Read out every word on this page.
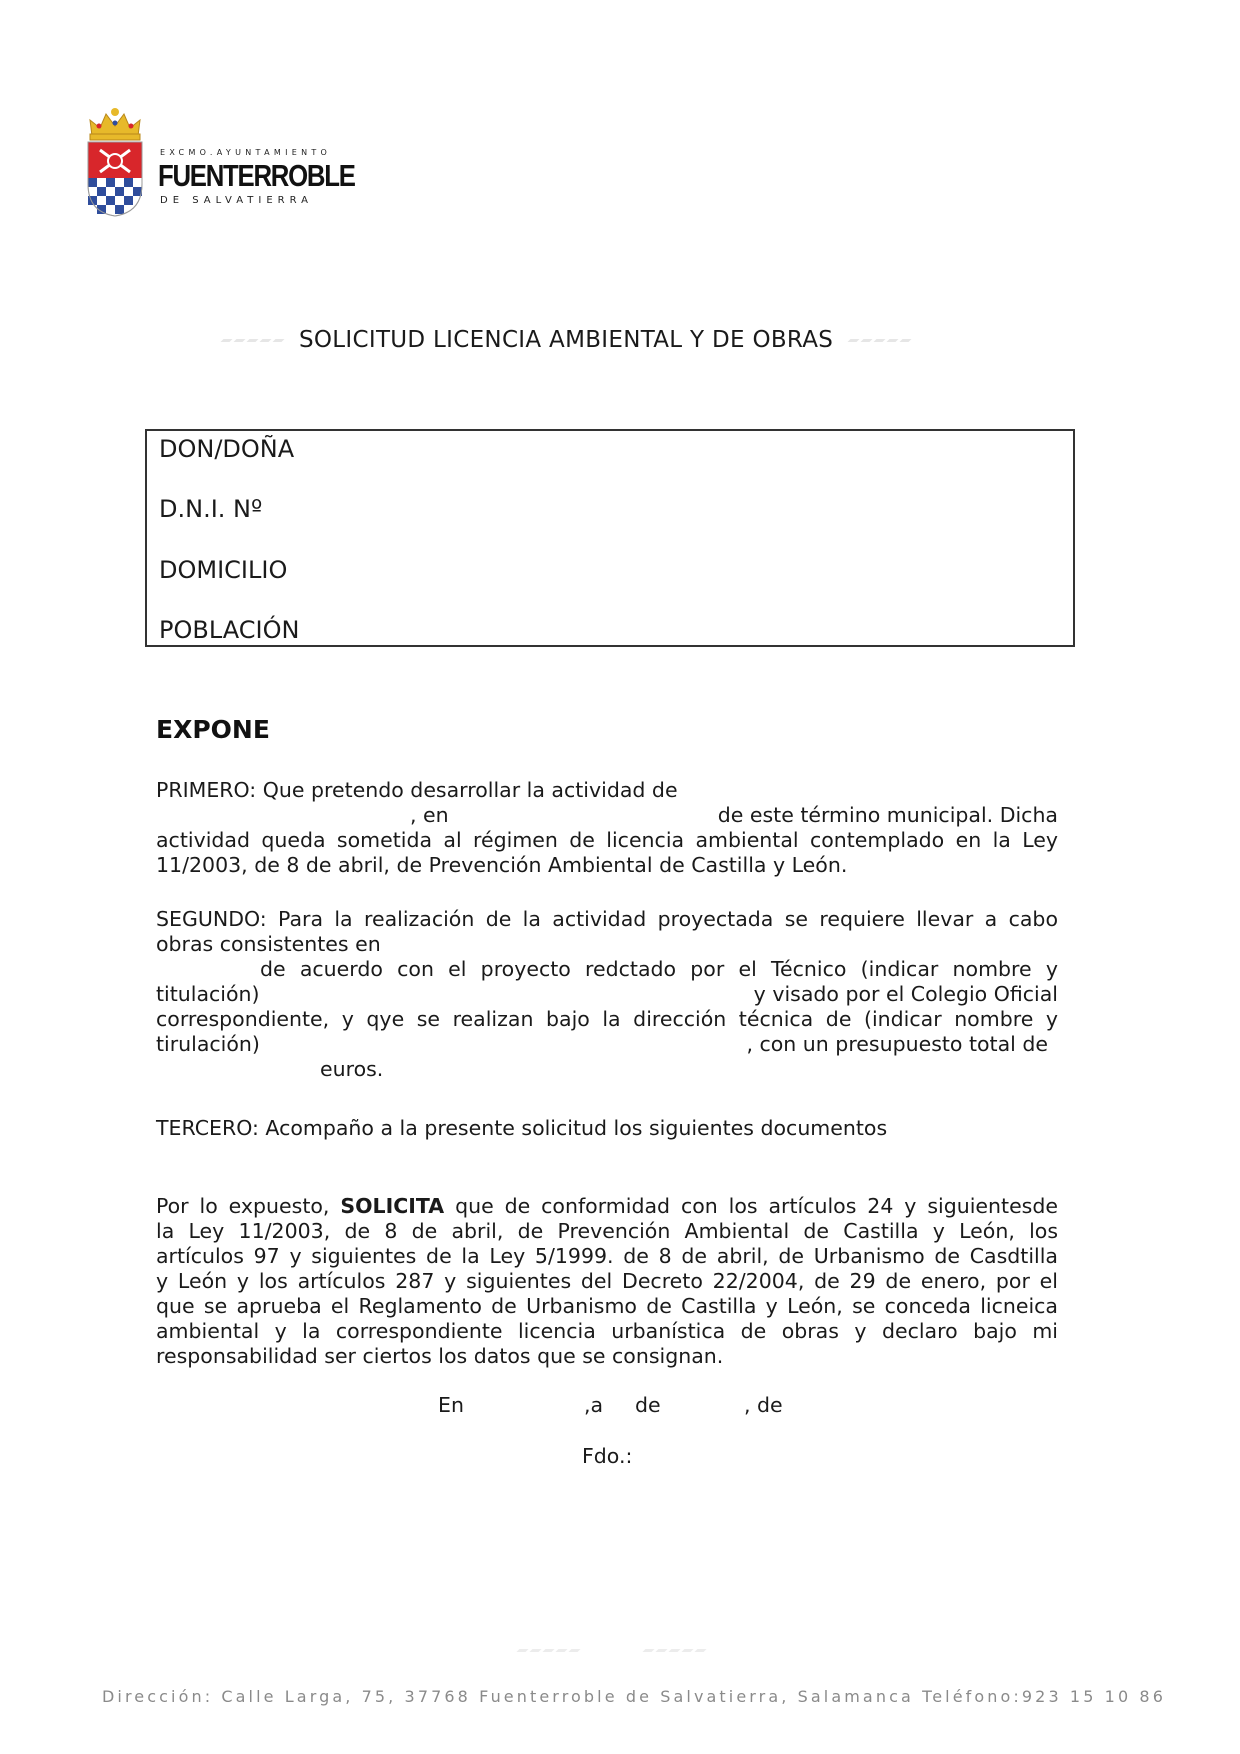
EXCMO.AYUNTAMIENTO
FUENTERROBLE
DE SALVATIERRA
SOLICITUD LICENCIA AMBIENTAL Y DE OBRAS
DON/DOÑA
D.N.I. Nº
DOMICILIO
POBLACIÓN
EXPONE
PRIMERO: Que pretendo desarrollar la actividad de
, en	de este término municipal. Dicha
actividad queda sometida al régimen de licencia ambiental contemplado en la Ley
11/2003, de 8 de abril, de Prevención Ambiental de Castilla y León.
SEGUNDO: Para la realización de la actividad proyectada se requiere llevar a cabo
obras consistentes en
de acuerdo con el proyecto redctado por el Técnico (indicar nombre y
titulación)	y visado por el Colegio Oficial
correspondiente, y qye se realizan bajo la dirección técnica de (indicar nombre y
tirulación)	, con un presupuesto total de
euros.
TERCERO: Acompaño a la presente solicitud los siguientes documentos
Por lo expuesto, SOLICITA que de conformidad con los artículos 24 y siguientesde
la Ley 11/2003, de 8 de abril, de Prevención Ambiental de Castilla y León, los
artículos 97 y siguientes de la Ley 5/1999. de 8 de abril, de Urbanismo de Casdtilla
y León y los artículos 287 y siguientes del Decreto 22/2004, de 29 de enero, por el
que se aprueba el Reglamento de Urbanismo de Castilla y León, se conceda licneica
ambiental y la correspondiente licencia urbanística de obras y declaro bajo mi
responsabilidad ser ciertos los datos que se consignan.
En	,a de	, de
Fdo.:
Dirección: Calle Larga, 75, 37768 Fuenterroble de Salvatierra, Salamanca Teléfono:923 15 10 86
